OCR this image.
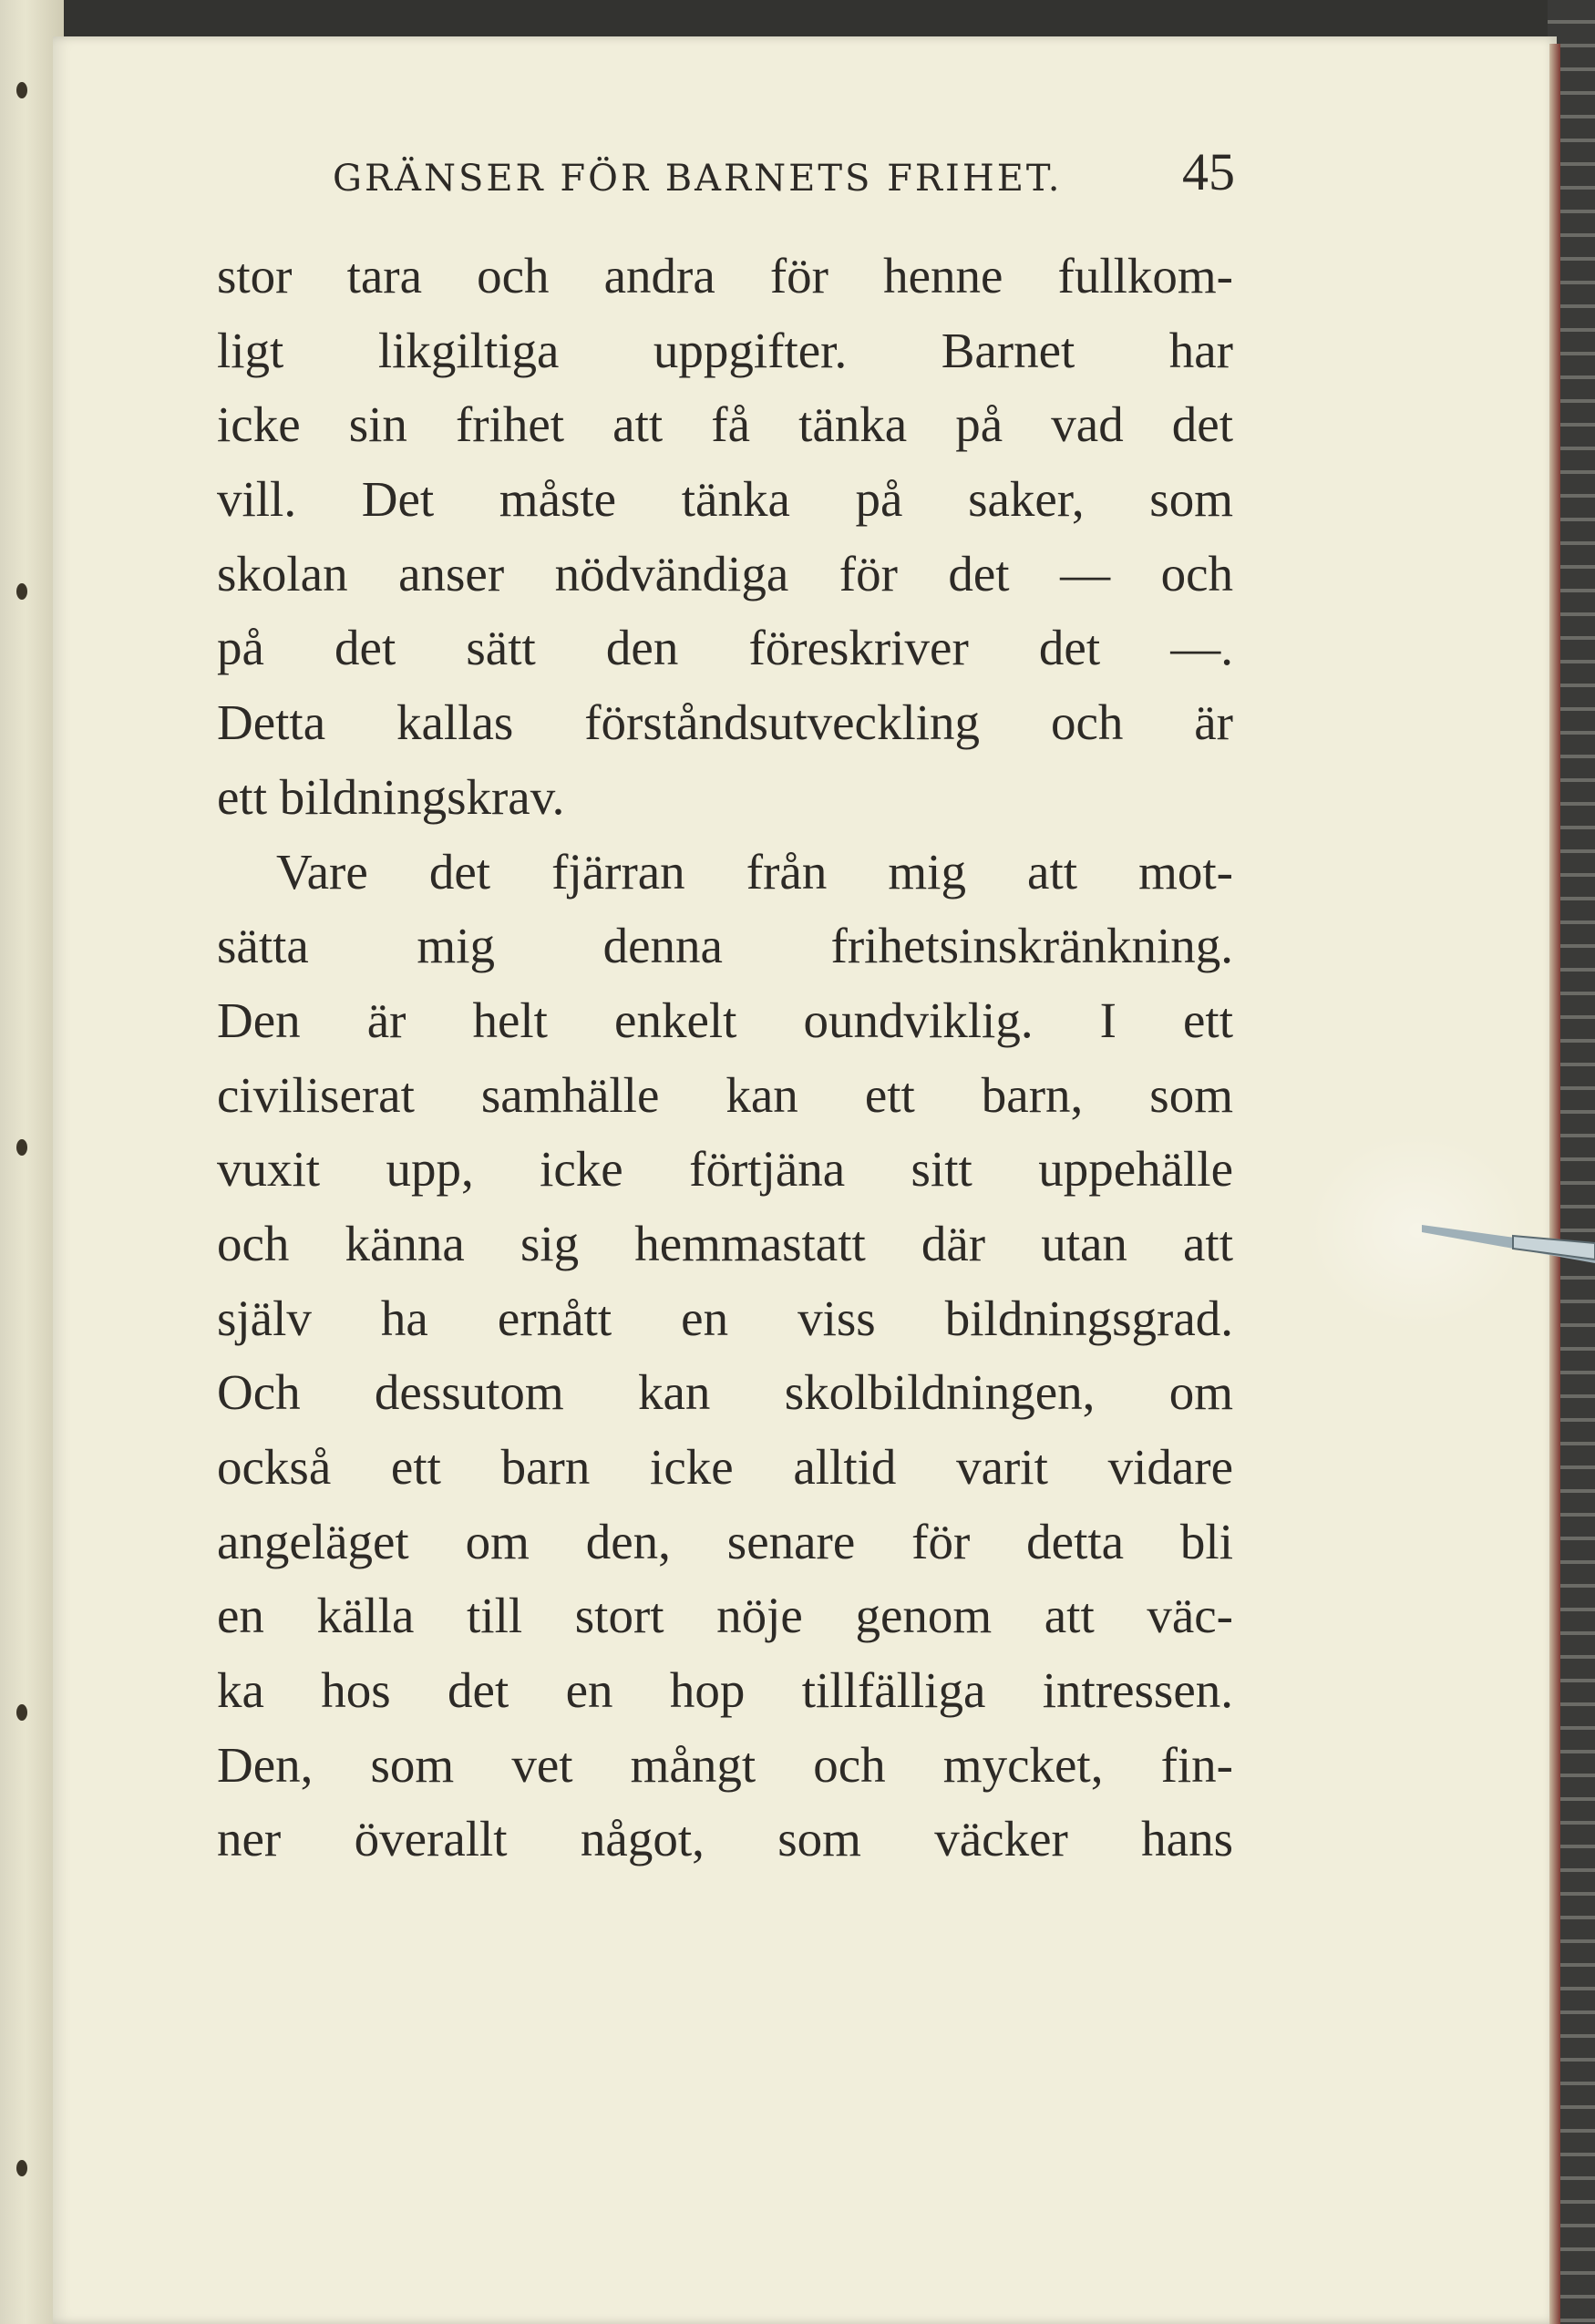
GRÄNSER FÖR BARNETS FRIHET. 45
stor tara och andra för henne fullkom-
ligt likgiltiga uppgifter. Barnet har
icke sin frihet att få tänka på vad det
vill. Det måste tänka på saker, som
skolan anser nödvändiga för det — och
på det sätt den föreskriver det —.
Detta kallas förståndsutveckling och är
ett bildningskrav.
Vare det fjärran från mig att mot-
sätta mig denna frihetsinskränkning.
Den är helt enkelt oundviklig. I ett
civiliserat samhälle kan ett barn, som
vuxit upp, icke förtjäna sitt uppehälle
och känna sig hemmastatt där utan att
själv ha ernått en viss bildningsgrad.
Och dessutom kan skolbildningen, om
också ett barn icke alltid varit vidare
angeläget om den, senare för detta bli
en källa till stort nöje genom att väc-
ka hos det en hop tillfälliga intressen.
Den, som vet mångt och mycket, fin-
ner överallt något, som väcker hans
